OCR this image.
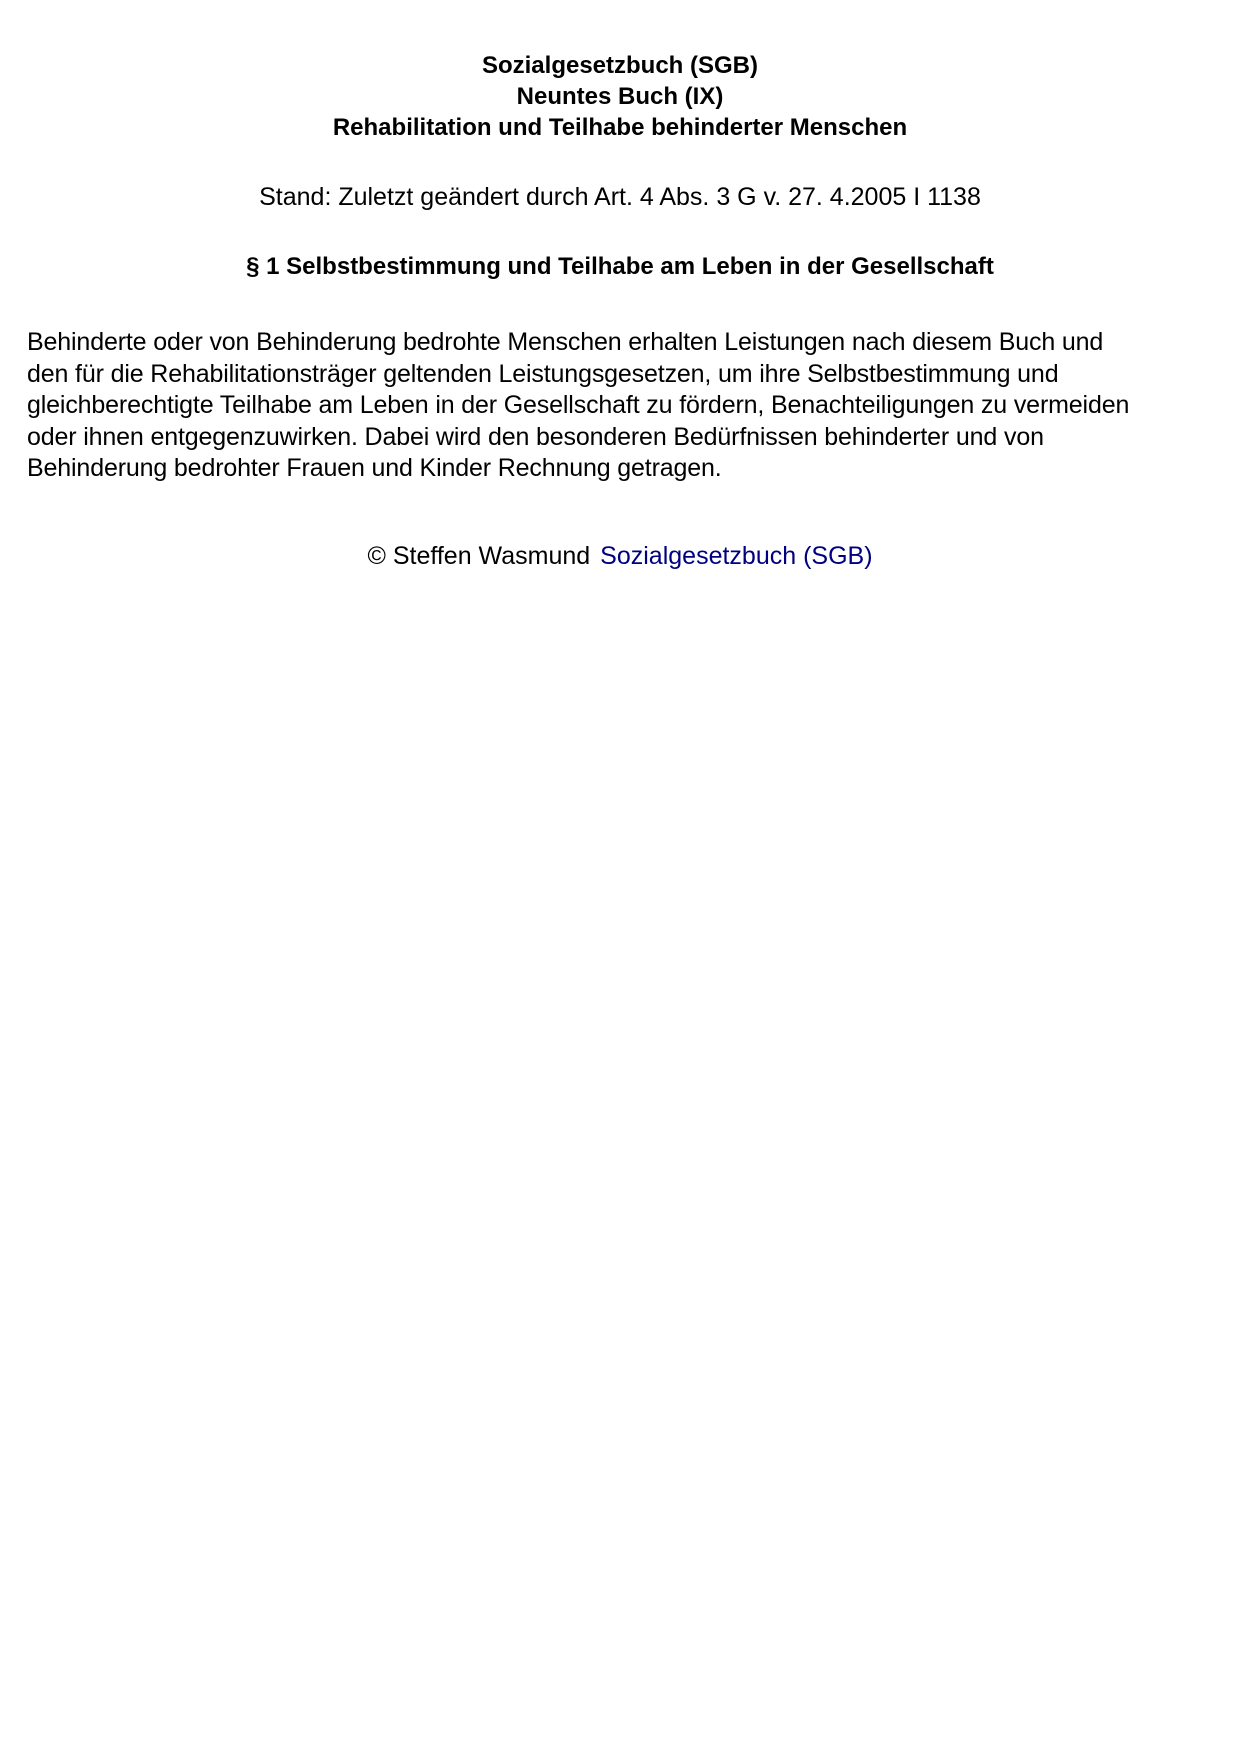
Sozialgesetzbuch (SGB)
Neuntes Buch (IX)
Rehabilitation und Teilhabe behinderter Menschen
Stand: Zuletzt geändert durch Art. 4 Abs. 3 G v. 27. 4.2005 I 1138
§ 1 Selbstbestimmung und Teilhabe am Leben in der Gesellschaft
Behinderte oder von Behinderung bedrohte Menschen erhalten Leistungen nach diesem Buch und
den für die Rehabilitationsträger geltenden Leistungsgesetzen, um ihre Selbstbestimmung und
gleichberechtigte Teilhabe am Leben in der Gesellschaft zu fördern, Benachteiligungen zu vermeiden
oder ihnen entgegenzuwirken. Dabei wird den besonderen Bedürfnissen behinderter und von
Behinderung bedrohter Frauen und Kinder Rechnung getragen.
© Steffen Wasmund Sozialgesetzbuch (SGB)
